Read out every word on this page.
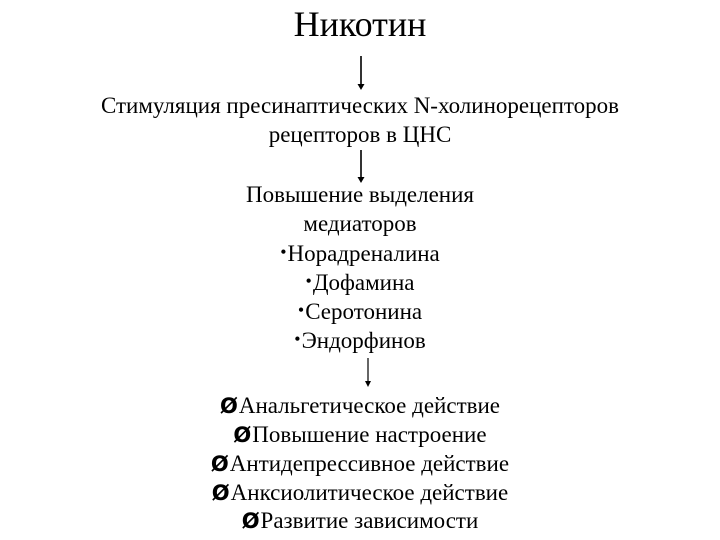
Никотин
Стимуляция пресинаптических N-холинорецепторов
рецепторов в ЦНС
Повышение выделения
медиаторов
•Норадреналина
•Дофамина
•Серотонина
•Эндорфинов
ØАнальгетическое действие
ØПовышение настроение
ØАнтидепрессивное действие
ØАнксиолитическое действие
ØРазвитие зависимости
